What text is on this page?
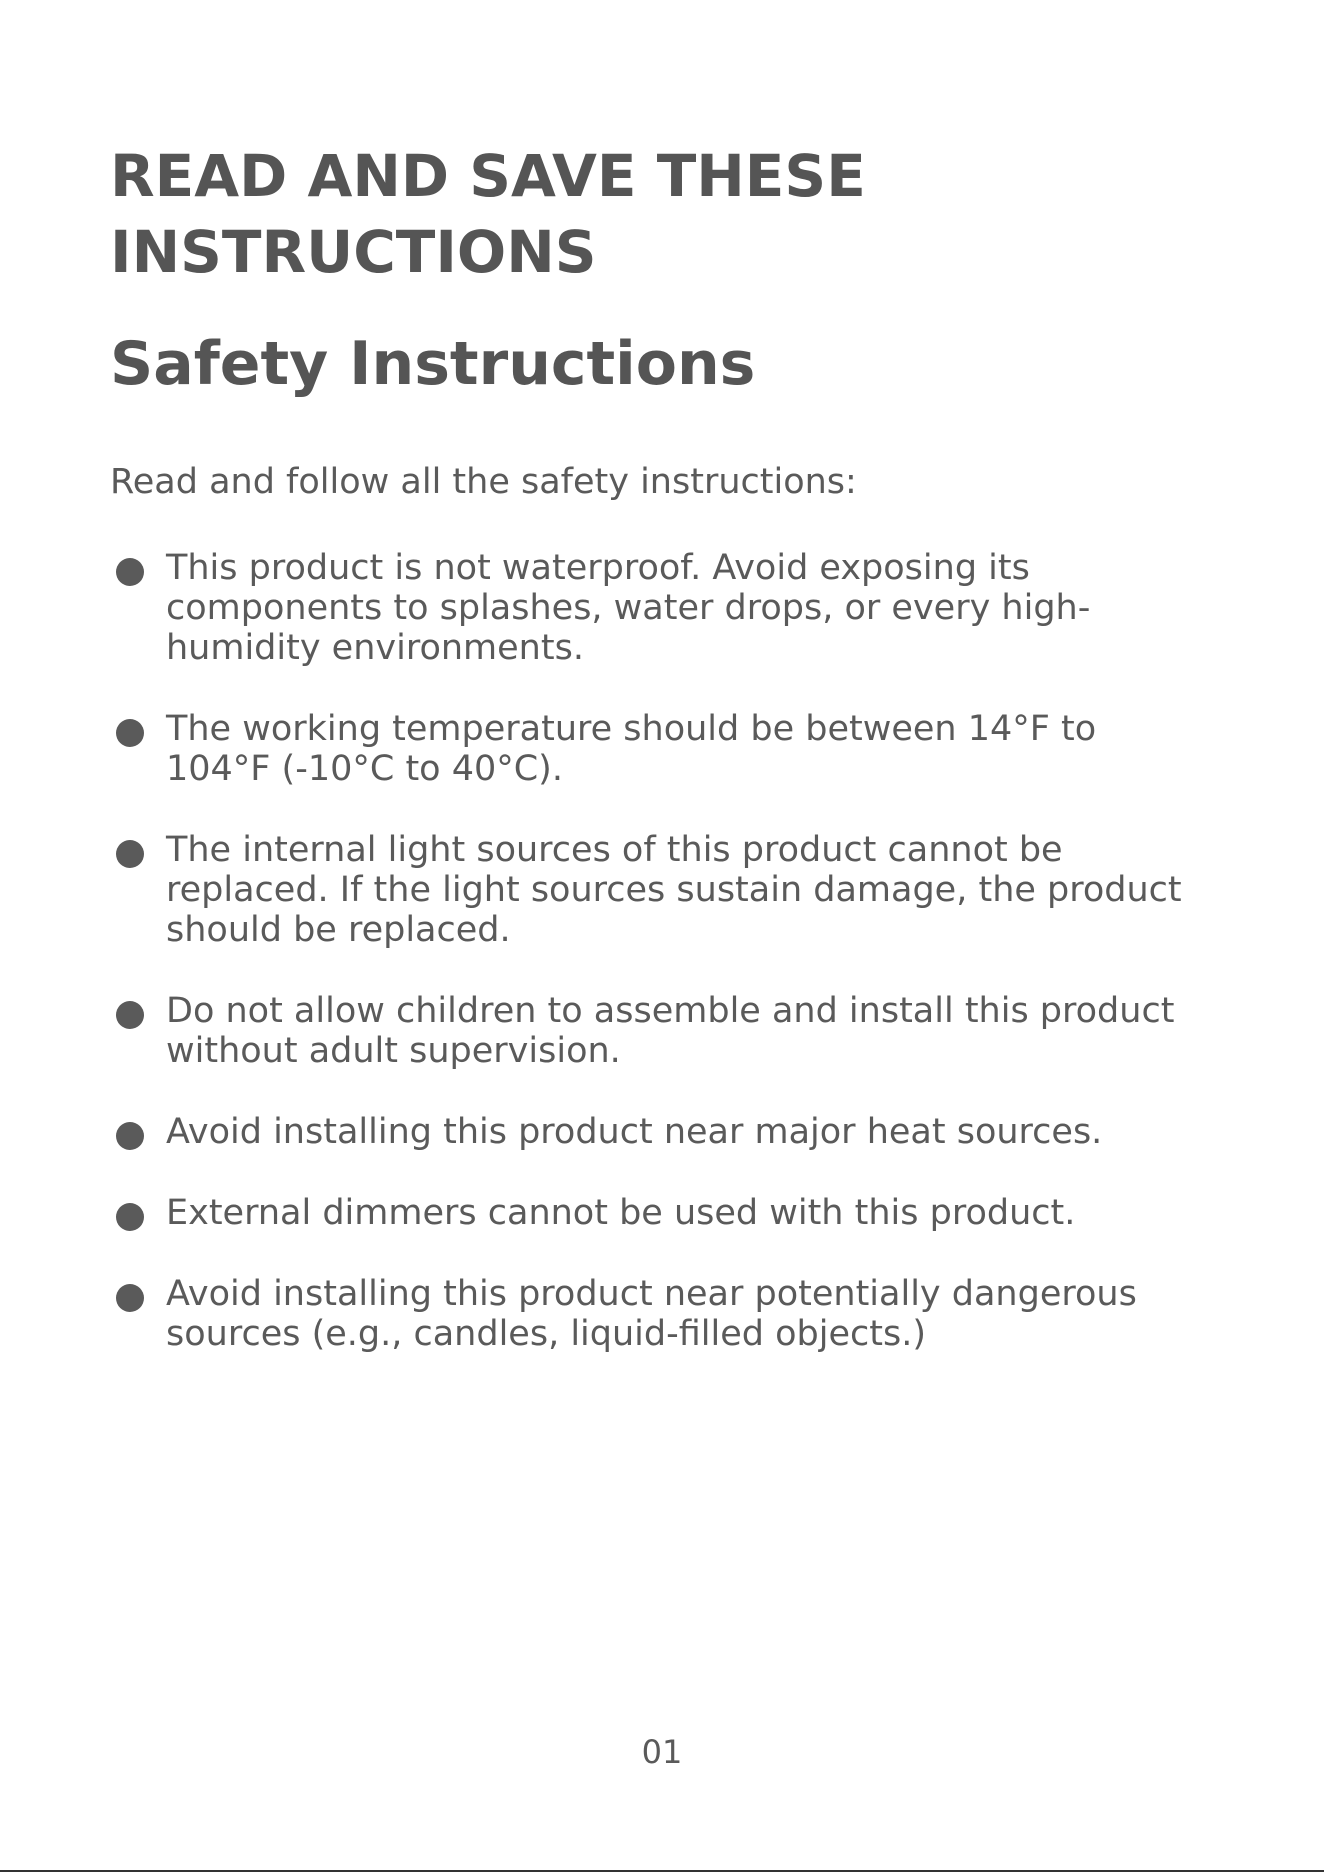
READ AND SAVE THESE INSTRUCTIONS
Safety Instructions

Read and follow all the safety instructions:

This product is not waterproof. Avoid exposing its components to splashes, water drops, or every high-humidity environments.
The working temperature should be between 14°F to 104°F (-10°C to 40°C).
The internal light sources of this product cannot be replaced. If the light sources sustain damage, the product should be replaced.
Do not allow children to assemble and install this product without adult supervision.
Avoid installing this product near major heat sources.
External dimmers cannot be used with this product.
Avoid installing this product near potentially dangerous sources (e.g., candles, liquid-filled objects.)
01
